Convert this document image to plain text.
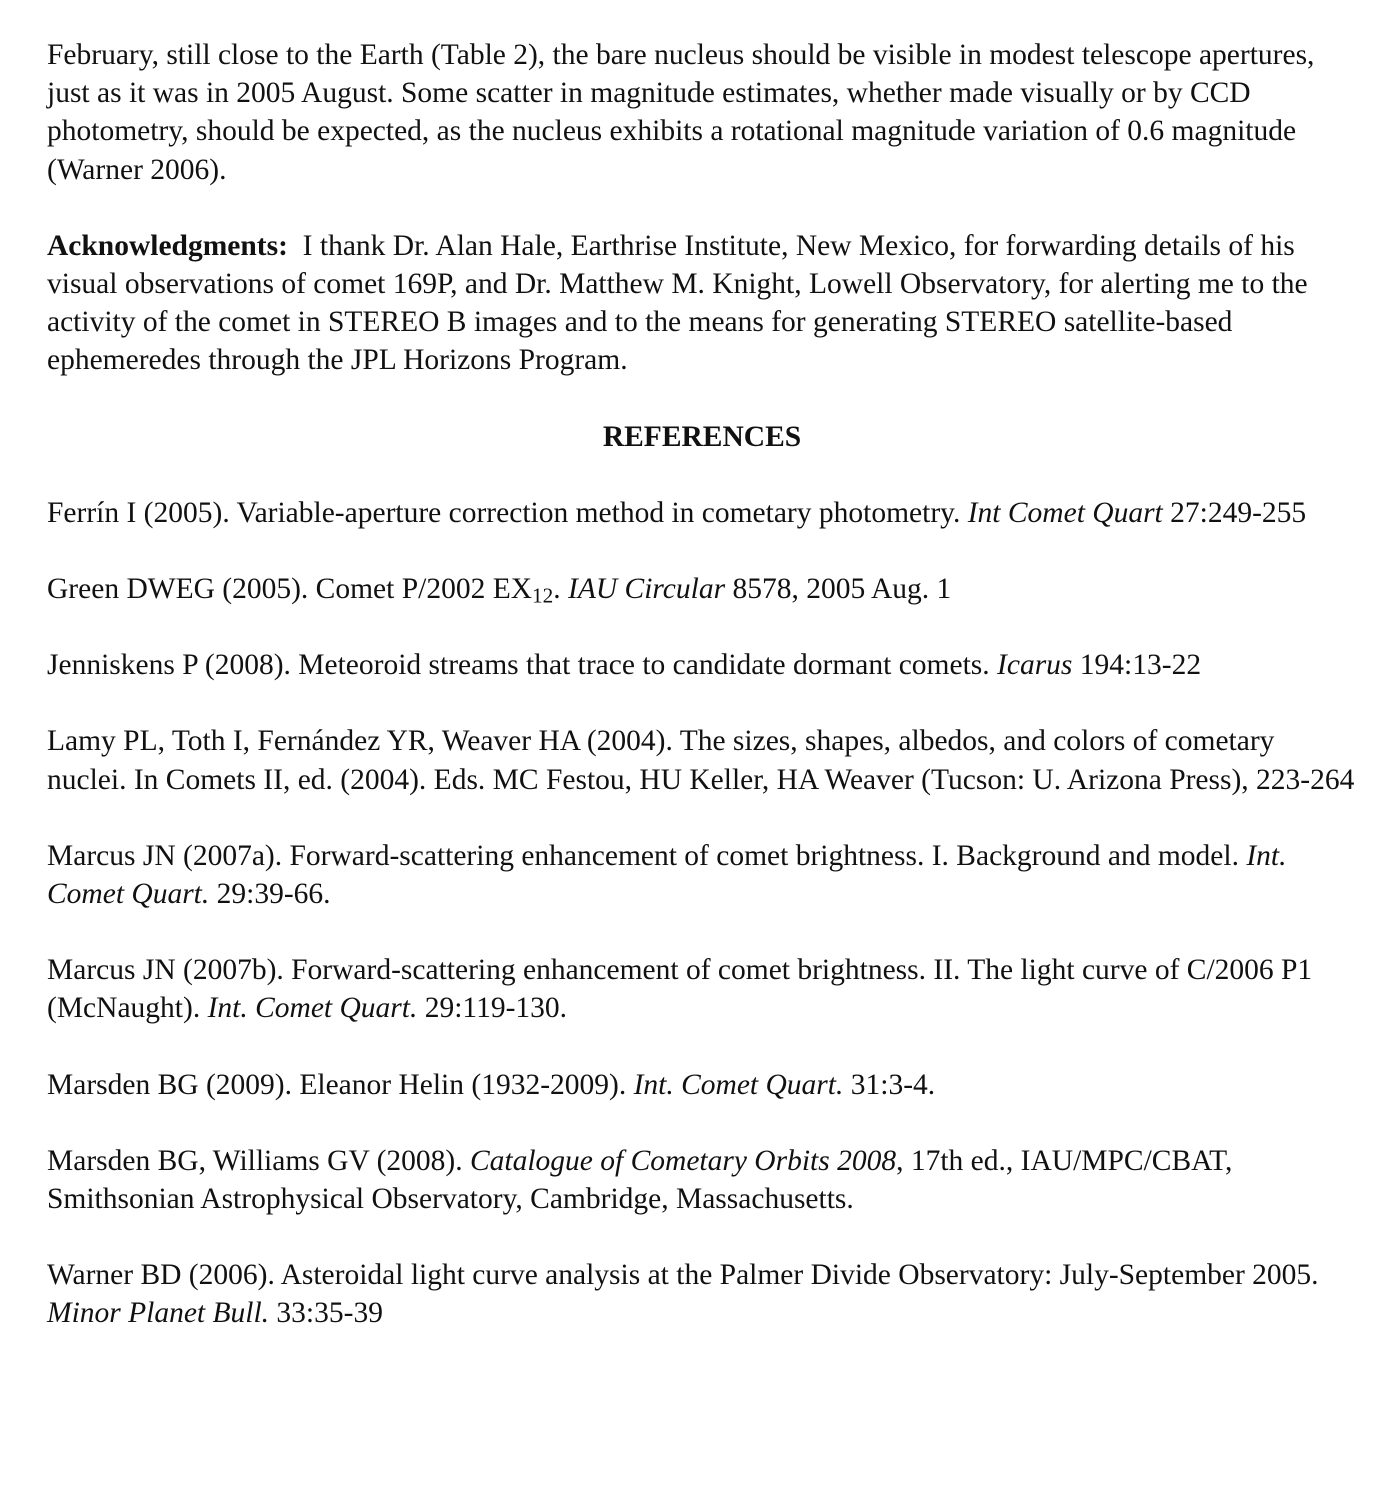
February, still close to the Earth (Table 2), the bare nucleus should be visible in modest telescope apertures, just as it was in 2005 August. Some scatter in magnitude estimates, whether made visually or by CCD photometry, should be expected, as the nucleus exhibits a rotational magnitude variation of 0.6 magnitude (Warner 2006).

Acknowledgments: I thank Dr. Alan Hale, Earthrise Institute, New Mexico, for forwarding details of his visual observations of comet 169P, and Dr. Matthew M. Knight, Lowell Observatory, for alerting me to the activity of the comet in STEREO B images and to the means for generating STEREO satellite-based ephemeredes through the JPL Horizons Program.

REFERENCES

Ferrín I (2005). Variable-aperture correction method in cometary photometry. Int Comet Quart 27:249-255

Green DWEG (2005). Comet P/2002 $EX_{12}$. IAU Circular 8578, 2005 Aug. 1

Jenniskens P (2008). Meteoroid streams that trace to candidate dormant comets. Icarus 194:13-22

Lamy PL, Toth I, Fernández YR, Weaver HA (2004). The sizes, shapes, albedos, and colors of cometary nuclei. In Comets II, ed. (2004). Eds. MC Festou, HU Keller, HA Weaver (Tucson: U. Arizona Press), 223-264

Marcus JN (2007a). Forward-scattering enhancement of comet brightness. I. Background and model. Int. Comet Quart. 29:39-66.

Marcus JN (2007b). Forward-scattering enhancement of comet brightness. II. The light curve of C/2006 P1 (McNaught). Int. Comet Quart. 29:119-130.

Marsden BG (2009). Eleanor Helin (1932-2009). Int. Comet Quart. 31:3-4.

Marsden BG, Williams GV (2008). Catalogue of Cometary Orbits 2008, 17th ed., IAU/MPC/CBAT, Smithsonian Astrophysical Observatory, Cambridge, Massachusetts.

Warner BD (2006). Asteroidal light curve analysis at the Palmer Divide Observatory: July-September 2005. Minor Planet Bull. 33:35-39
